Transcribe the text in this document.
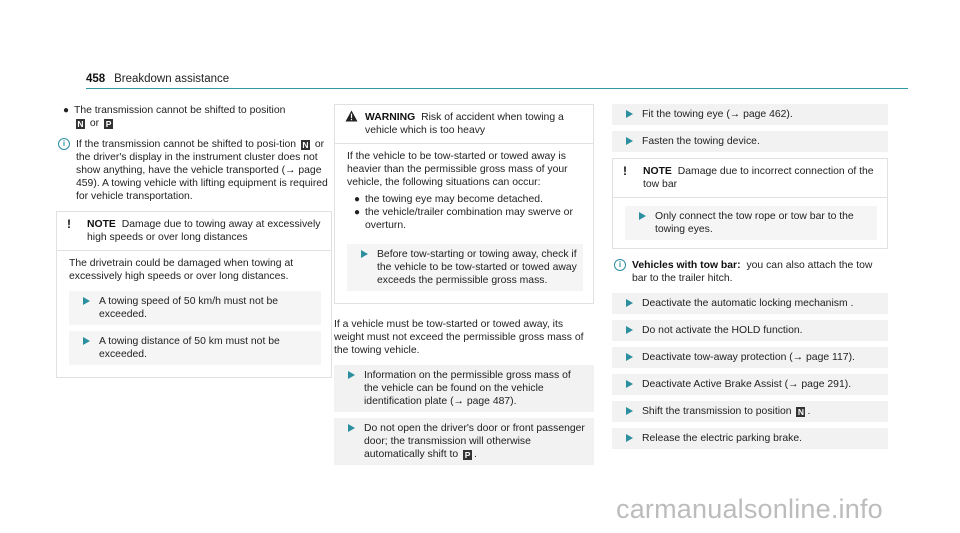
458 Breakdown assistance
● The transmission cannot be shifted to position
N or P
i	If the transmission cannot be shifted to posi-tion N or the driver's display in the instrument cluster does not show anything, have the vehicle transported (→ page 459). A towing vehicle with lifting equipment is required for vehicle transportation.
! NOTE Damage due to towing away at excessively high speeds or over long distances
The drivetrain could be damaged when towing at excessively high speeds or over long distances.
A towing speed of 50 km/h must not be exceeded.
A towing distance of 50 km must not be exceeded.
WARNING Risk of accident when towing a vehicle which is too heavy
If the vehicle to be tow-started or towed away is heavier than the permissible gross mass of your vehicle, the following situations can occur:
● the towing eye may become detached.
● the vehicle/trailer combination may swerve or overturn.
Before tow-starting or towing away, check if the vehicle to be tow-started or towed away exceeds the permissible gross mass.
If a vehicle must be tow-started or towed away, its weight must not exceed the permissible gross mass of the towing vehicle.
Information on the permissible gross mass of the vehicle can be found on the vehicle identification plate (→ page 487).
Do not open the driver's door or front passenger door; the transmission will otherwise automatically shift to P .
Fit the towing eye (→ page 462).
Fasten the towing device.
! NOTE Damage due to incorrect connection of the tow bar
Only connect the tow rope or tow bar to the towing eyes.
i	Vehicles with tow bar: you can also attach the tow bar to the trailer hitch.
Deactivate the automatic locking mechanism .
Do not activate the HOLD function.
Deactivate tow-away protection (→ page 117).
Deactivate Active Brake Assist (→ page 291).
Shift the transmission to position N .
Release the electric parking brake.
carmanualsonline.info
